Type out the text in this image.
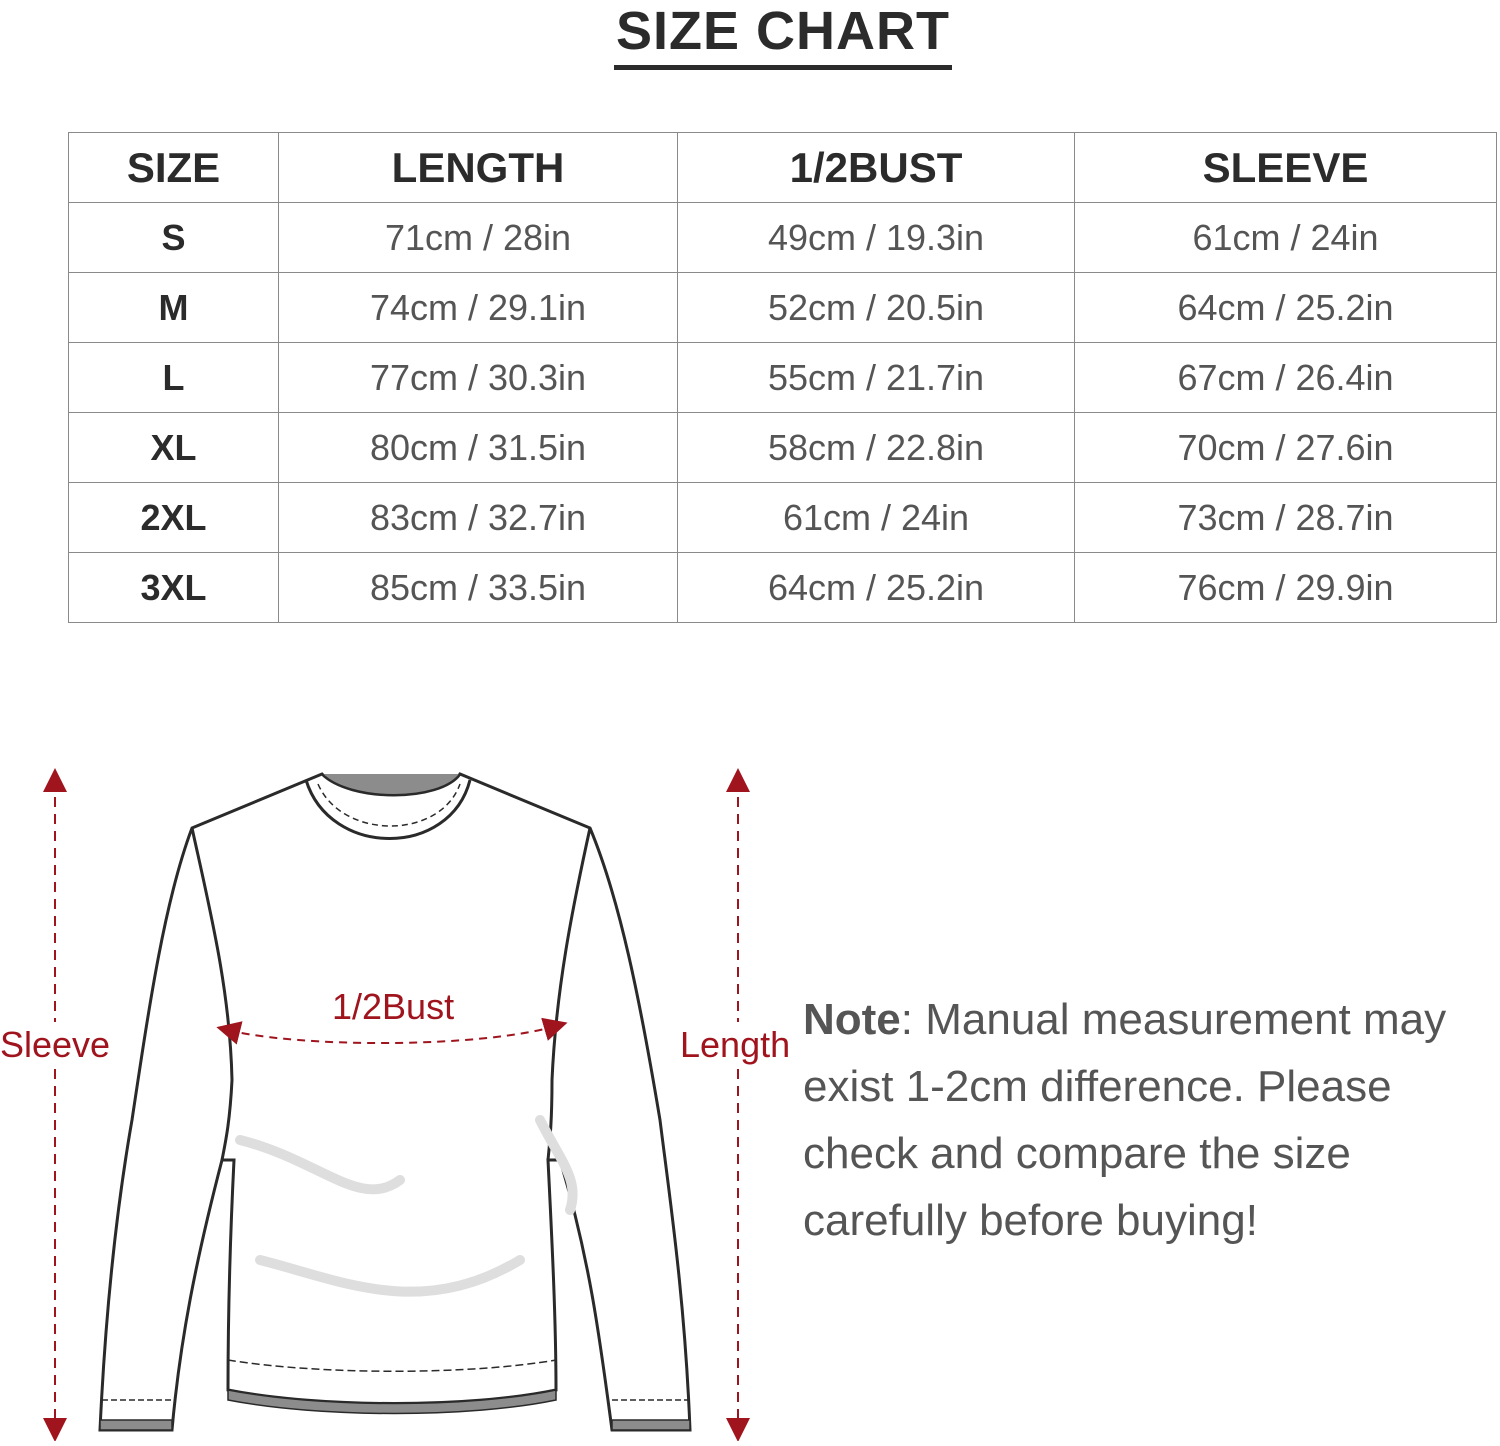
SIZE CHART
SIZE	LENGTH	1/2BUST	SLEEVE
S	71cm / 28in	49cm / 19.3in	61cm / 24in
M	74cm / 29.1in	52cm / 20.5in	64cm / 25.2in
L	77cm / 30.3in	55cm / 21.7in	67cm / 26.4in
XL	80cm / 31.5in	58cm / 22.8in	70cm / 27.6in
2XL	83cm / 32.7in	61cm / 24in	73cm / 28.7in
3XL	85cm / 33.5in	64cm / 25.2in	76cm / 29.9in
Sleeve
1/2Bust
Length
Note: Manual measurement may exist 1-2cm difference. Please check and compare the size carefully before buying!
